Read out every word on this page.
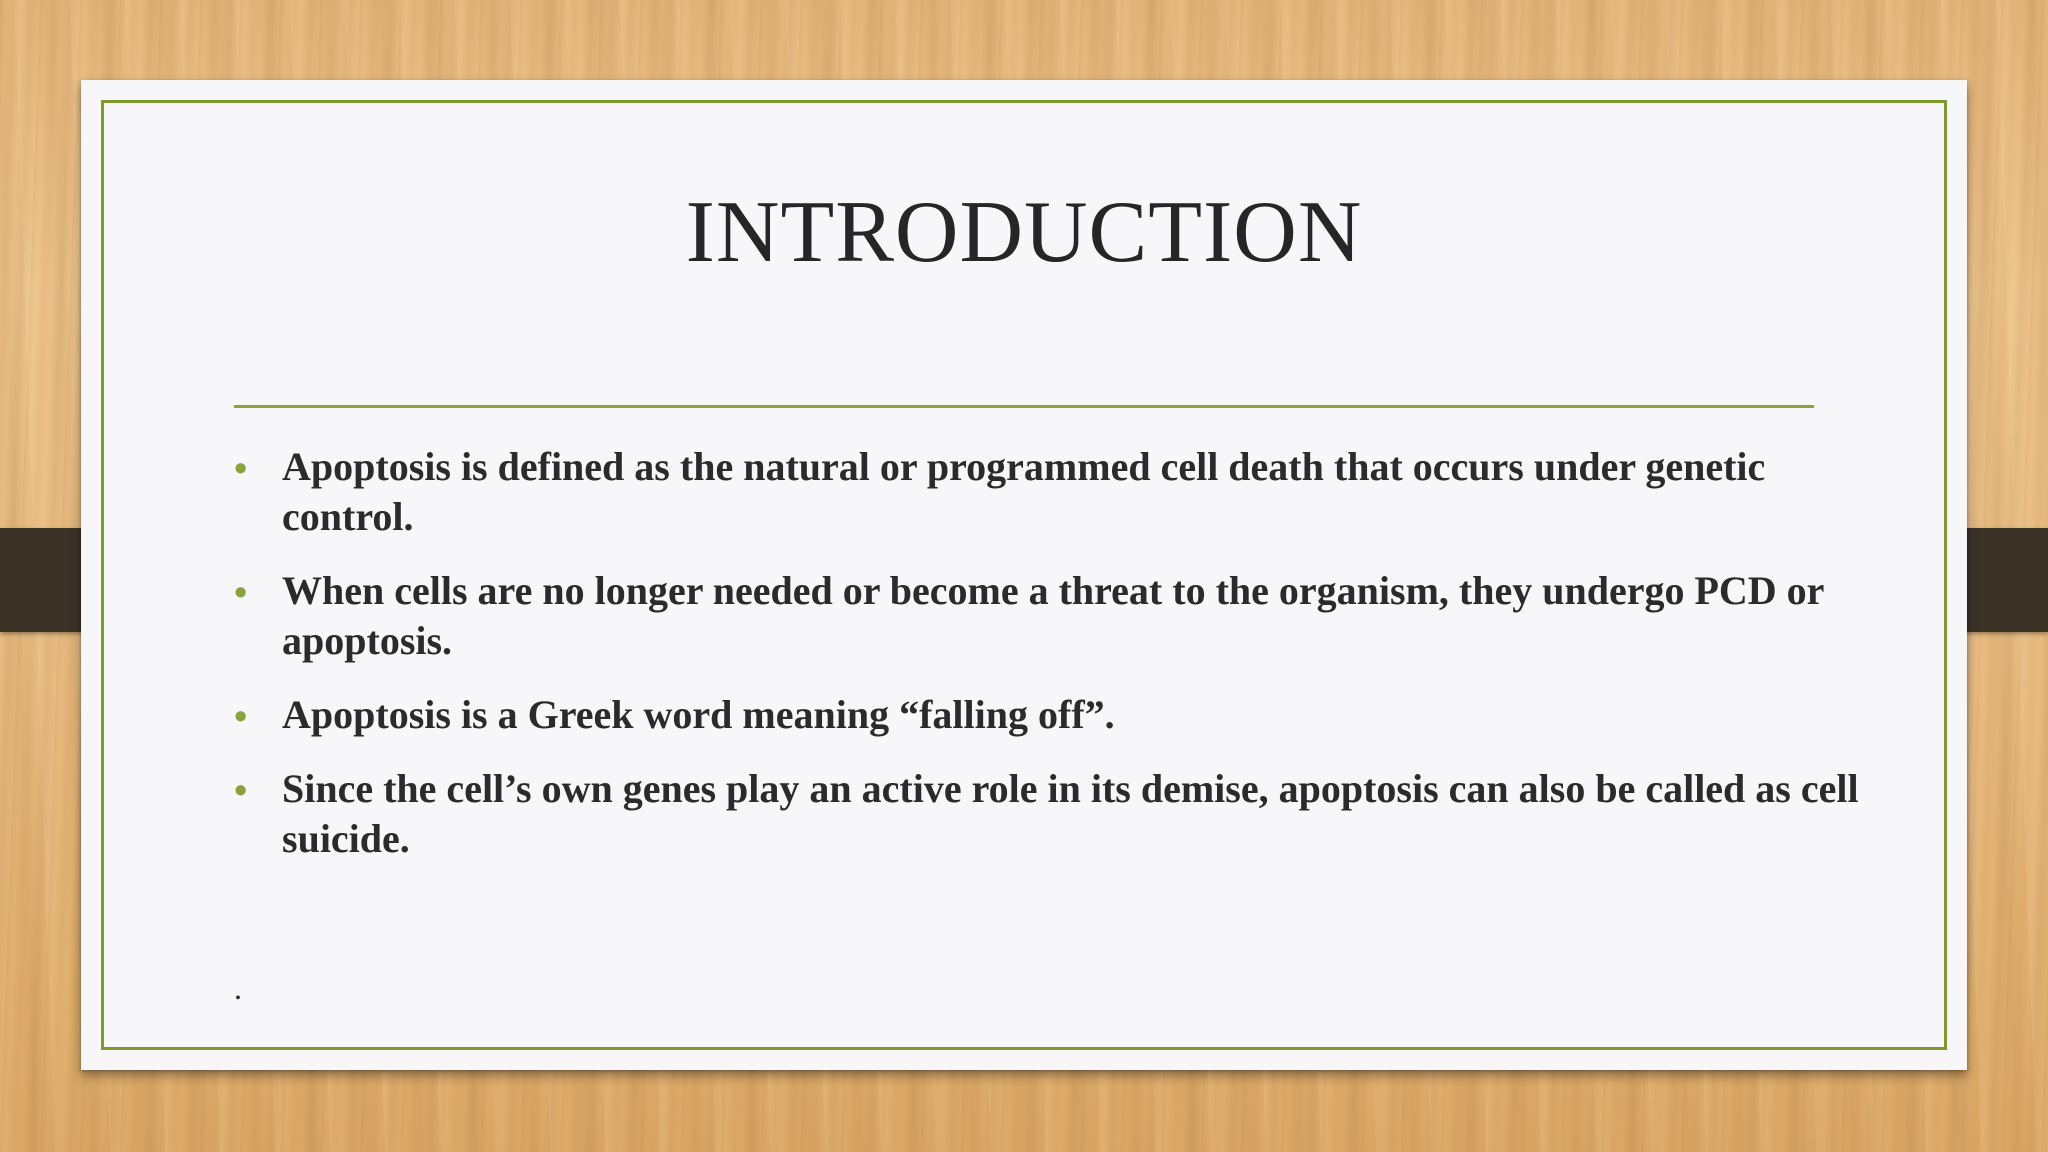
INTRODUCTION
• Apoptosis is defined as the natural or programmed cell death that occurs under genetic control.
• When cells are no longer needed or become a threat to the organism, they undergo PCD or apoptosis.
• Apoptosis is a Greek word meaning “falling off”.
• Since the cell’s own genes play an active role in its demise, apoptosis can also be called as cell suicide.
.
